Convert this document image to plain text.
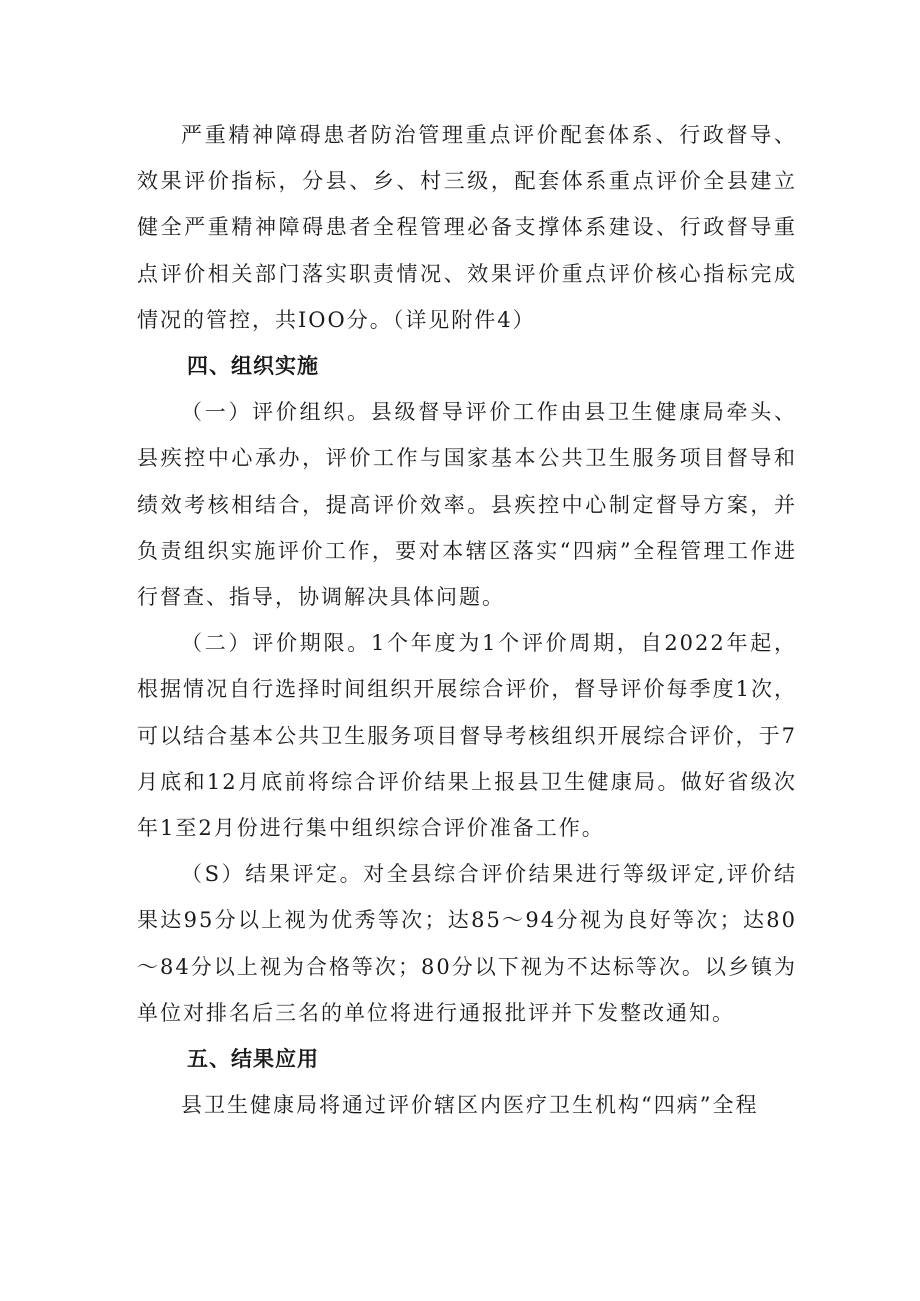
严重精神障碍患者防治管理重点评价配套体系、行政督导、效果评价指标，分县、乡、村三级，配套体系重点评价全县建立健全严重精神障碍患者全程管理必备支撑体系建设、行政督导重点评价相关部门落实职责情况、效果评价重点评价核心指标完成情况的管控，共IOO分。（详见附件4）

四、组织实施

（一）评价组织。县级督导评价工作由县卫生健康局牵头、县疾控中心承办，评价工作与国家基本公共卫生服务项目督导和绩效考核相结合，提高评价效率。县疾控中心制定督导方案，并负责组织实施评价工作，要对本辖区落实“四病”全程管理工作进行督查、指导，协调解决具体问题。

（二）评价期限。1个年度为1个评价周期，自2022年起，根据情况自行选择时间组织开展综合评价，督导评价每季度1次，可以结合基本公共卫生服务项目督导考核组织开展综合评价，于7月底和12月底前将综合评价结果上报县卫生健康局。做好省级次年1至2月份进行集中组织综合评价准备工作。

（S）结果评定。对全县综合评价结果进行等级评定,评价结果达95分以上视为优秀等次；达85～94分视为良好等次；达80～84分以上视为合格等次；80分以下视为不达标等次。以乡镇为单位对排名后三名的单位将进行通报批评并下发整改通知。

五、结果应用

县卫生健康局将通过评价辖区内医疗卫生机构“四病”全程
